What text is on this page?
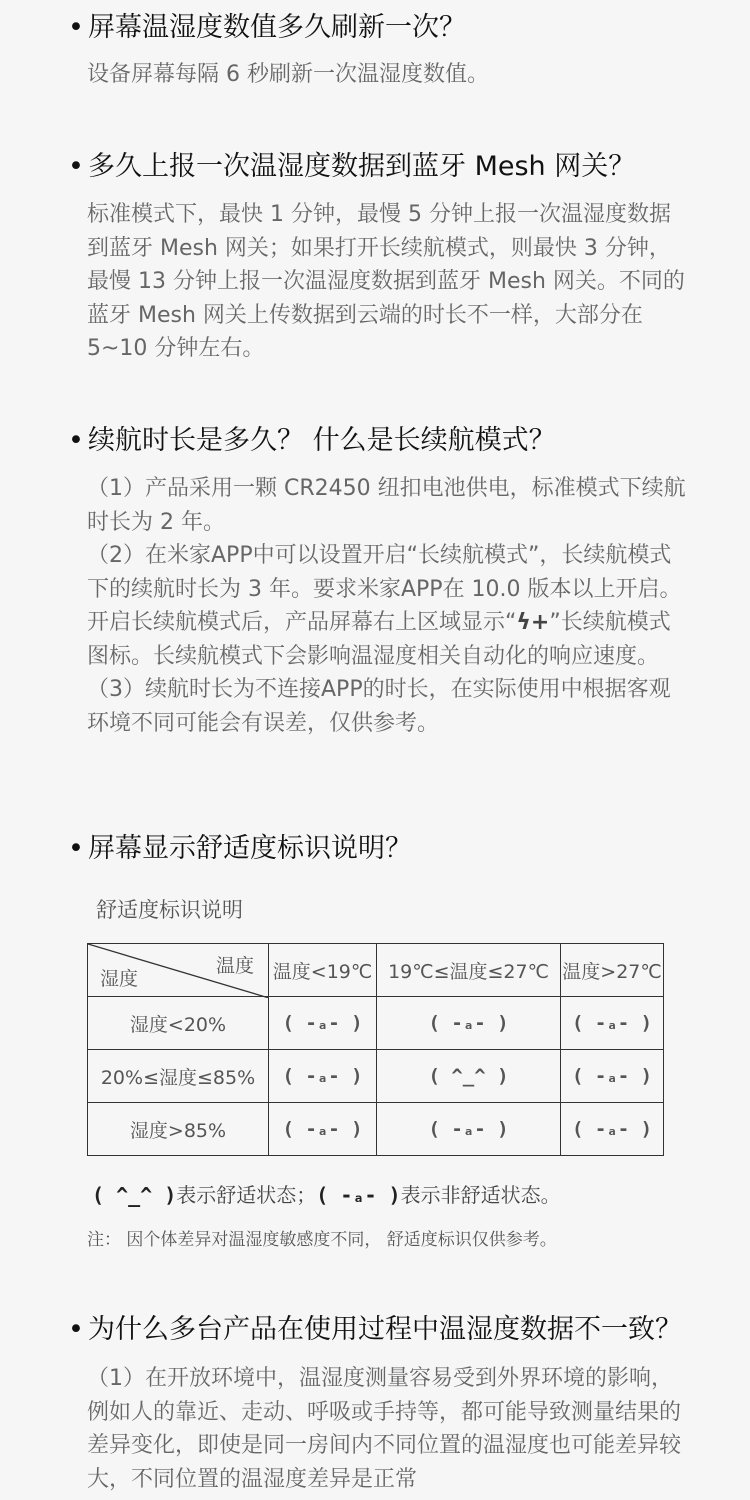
• 屏幕温湿度数值多久刷新一次？

设备屏幕每隔 6 秒刷新一次温湿度数值。

• 多久上报一次温湿度数据到蓝牙 Mesh 网关？

标准模式下，最快 1 分钟，最慢 5 分钟上报一次温湿度数据到蓝牙 Mesh 网关；如果打开长续航模式，则最快 3 分钟，最慢 13 分钟上报一次温湿度数据到蓝牙 Mesh 网关。不同的蓝牙 Mesh 网关上传数据到云端的时长不一样，大部分在 5~10 分钟左右。

• 续航时长是多久？ 什么是长续航模式？

（1）产品采用一颗 CR2450 纽扣电池供电，标准模式下续航时长为 2 年。

（2）在米家APP中可以设置开启“长续航模式”，长续航模式下的续航时长为 3 年。要求米家APP在 10.0 版本以上开启。开启长续航模式后，产品屏幕右上区域显示“ϟ+”长续航模式图标。长续航模式下会影响温湿度相关自动化的响应速度。

（3）续航时长为不连接APP的时长，在实际使用中根据客观环境不同可能会有误差，仅供参考。

• 屏幕显示舒适度标识说明？
舒适度标识说明
温度
湿度	温度<19℃	19℃≤温度≤27℃	温度>27℃
湿度<20%	( -ₐ- )	( -ₐ- )	( -ₐ- )
20%≤湿度≤85%	( -ₐ- )	( ^_^ )	( -ₐ- )
湿度>85%	( -ₐ- )	( -ₐ- )	( -ₐ- )
( ^_^ )表示舒适状态；( -ₐ- )表示非舒适状态。
注： 因个体差异对温湿度敏感度不同， 舒适度标识仅供参考。
• 为什么多台产品在使用过程中温湿度数据不一致？

（1）在开放环境中，温湿度测量容易受到外界环境的影响，例如人的靠近、走动、呼吸或手持等，都可能导致测量结果的差异变化，即使是同一房间内不同位置的温湿度也可能差异较大，不同位置的温湿度差异是正常
